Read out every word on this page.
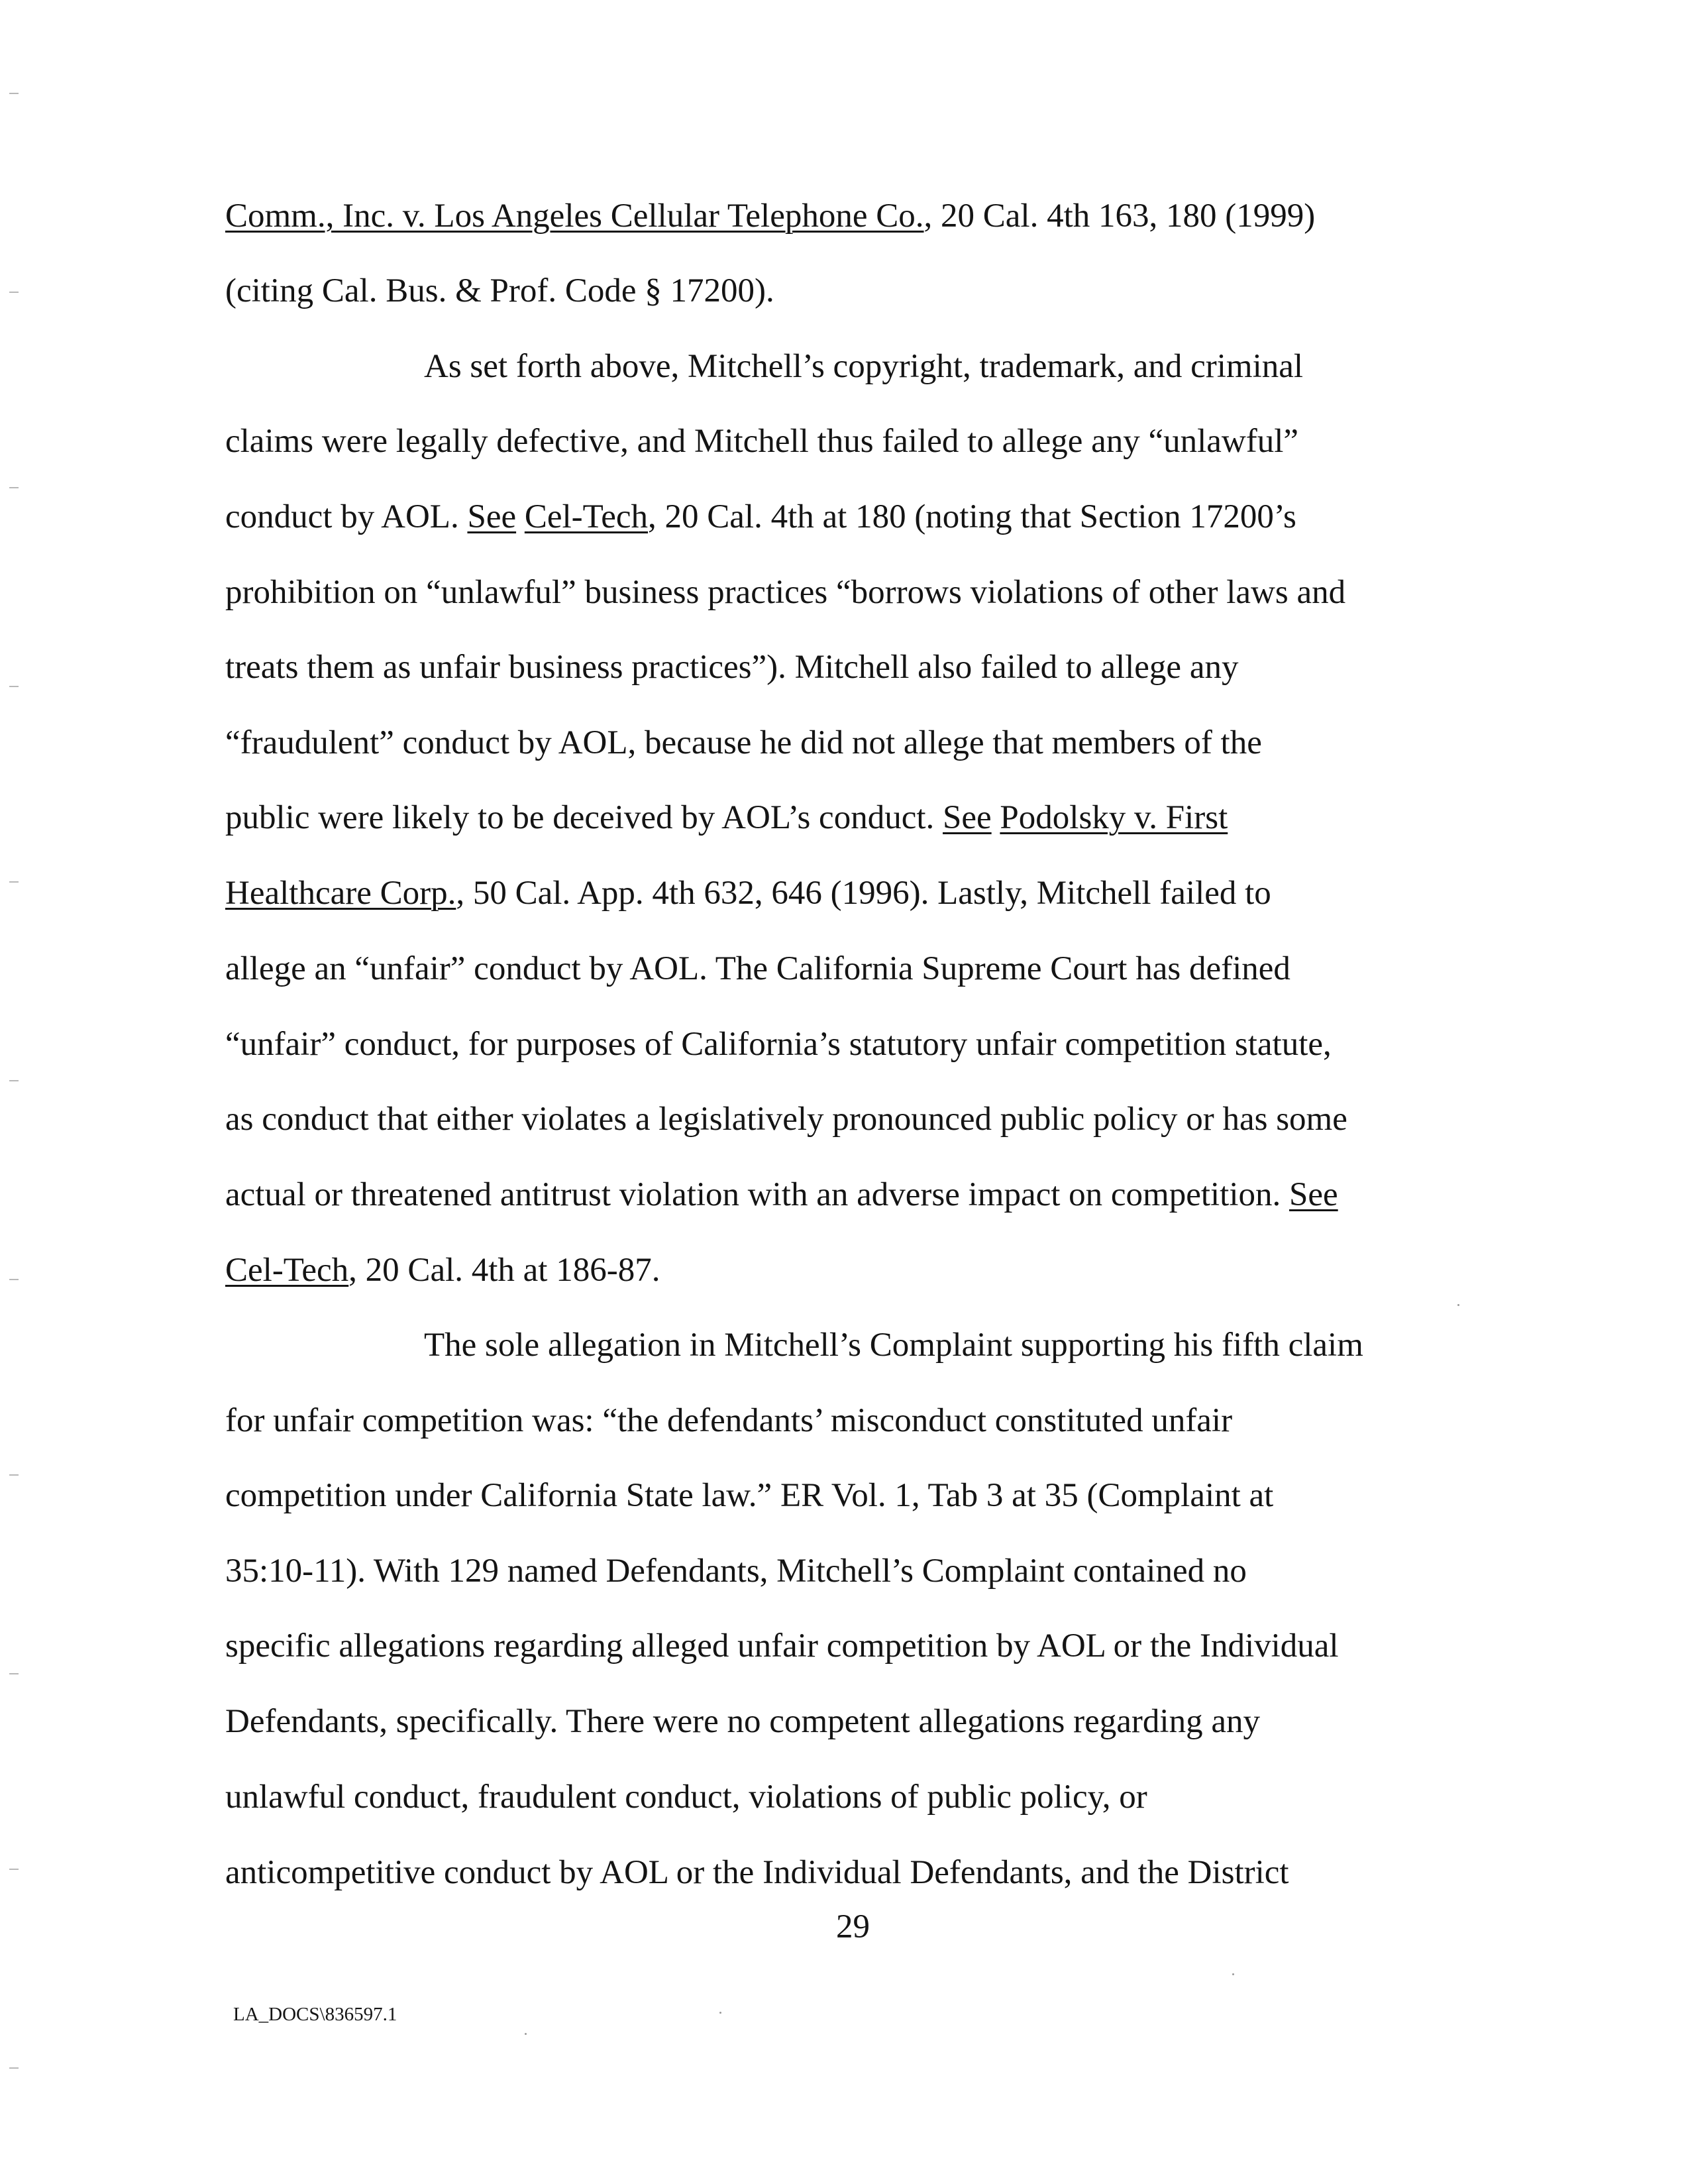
Comm., Inc. v. Los Angeles Cellular Telephone Co., 20 Cal. 4th 163, 180 (1999)
(citing Cal. Bus. & Prof. Code § 17200).
As set forth above, Mitchell’s copyright, trademark, and criminal
claims were legally defective, and Mitchell thus failed to allege any “unlawful”
conduct by AOL. See Cel-Tech, 20 Cal. 4th at 180 (noting that Section 17200’s
prohibition on “unlawful” business practices “borrows violations of other laws and
treats them as unfair business practices”). Mitchell also failed to allege any
“fraudulent” conduct by AOL, because he did not allege that members of the
public were likely to be deceived by AOL’s conduct. See Podolsky v. First
Healthcare Corp., 50 Cal. App. 4th 632, 646 (1996). Lastly, Mitchell failed to
allege an “unfair” conduct by AOL. The California Supreme Court has defined
“unfair” conduct, for purposes of California’s statutory unfair competition statute,
as conduct that either violates a legislatively pronounced public policy or has some
actual or threatened antitrust violation with an adverse impact on competition. See
Cel-Tech, 20 Cal. 4th at 186-87.
The sole allegation in Mitchell’s Complaint supporting his fifth claim
for unfair competition was: “the defendants’ misconduct constituted unfair
competition under California State law.” ER Vol. 1, Tab 3 at 35 (Complaint at
35:10-11). With 129 named Defendants, Mitchell’s Complaint contained no
specific allegations regarding alleged unfair competition by AOL or the Individual
Defendants, specifically. There were no competent allegations regarding any
unlawful conduct, fraudulent conduct, violations of public policy, or
anticompetitive conduct by AOL or the Individual Defendants, and the District
29
LA_DOCS\836597.1
